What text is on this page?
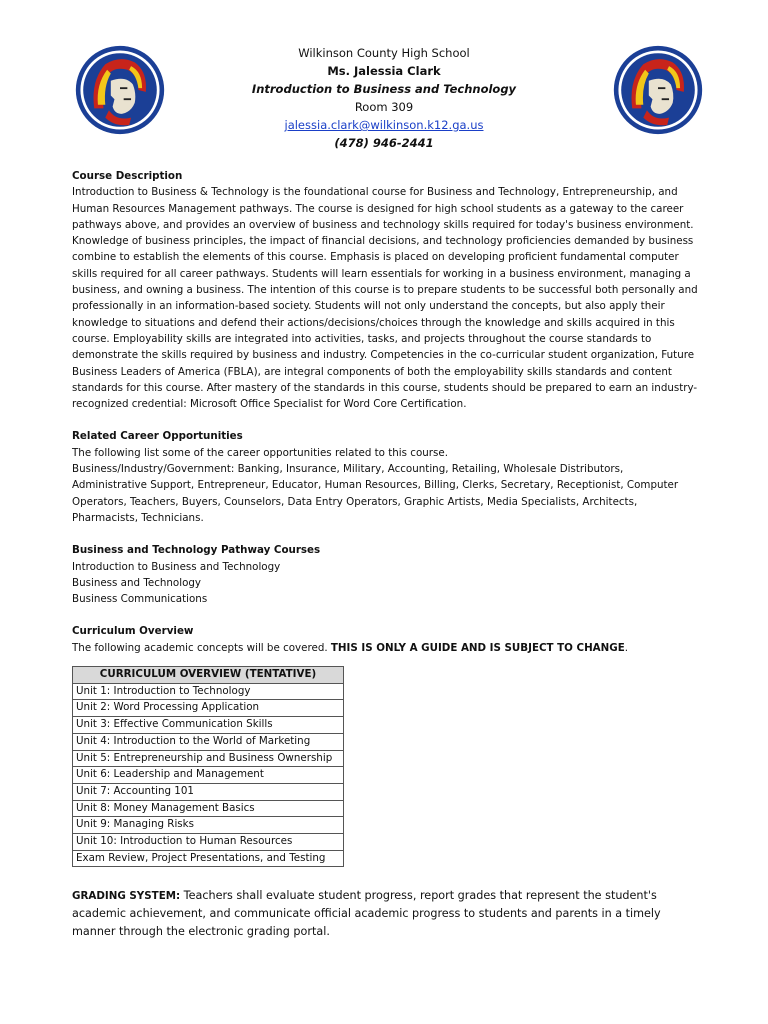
Wilkinson County High School
Ms. Jalessia Clark
Introduction to Business and Technology
Room 309
jalessia.clark@wilkinson.k12.ga.us
(478) 946-2441

Course Description

Introduction to Business & Technology is the foundational course for Business and Technology, Entrepreneurship, and Human Resources Management pathways. The course is designed for high school students as a gateway to the career pathways above, and provides an overview of business and technology skills required for today's business environment. Knowledge of business principles, the impact of financial decisions, and technology proficiencies demanded by business combine to establish the elements of this course. Emphasis is placed on developing proficient fundamental computer skills required for all career pathways. Students will learn essentials for working in a business environment, managing a business, and owning a business. The intention of this course is to prepare students to be successful both personally and professionally in an information-based society. Students will not only understand the concepts, but also apply their knowledge to situations and defend their actions/decisions/choices through the knowledge and skills acquired in this course. Employability skills are integrated into activities, tasks, and projects throughout the course standards to demonstrate the skills required by business and industry. Competencies in the co-curricular student organization, Future Business Leaders of America (FBLA), are integral components of both the employability skills standards and content standards for this course. After mastery of the standards in this course, students should be prepared to earn an industry-recognized credential: Microsoft Office Specialist for Word Core Certification.

Related Career Opportunities

The following list some of the career opportunities related to this course.

Business/Industry/Government: Banking, Insurance, Military, Accounting, Retailing, Wholesale Distributors, Administrative Support, Entrepreneur, Educator, Human Resources, Billing, Clerks, Secretary, Receptionist, Computer Operators, Teachers, Buyers, Counselors, Data Entry Operators, Graphic Artists, Media Specialists, Architects, Pharmacists, Technicians.

Business and Technology Pathway Courses

Introduction to Business and Technology

Business and Technology

Business Communications

Curriculum Overview

The following academic concepts will be covered. THIS IS ONLY A GUIDE AND IS SUBJECT TO CHANGE.

CURRICULUM OVERVIEW (TENTATIVE)
Unit 1: Introduction to Technology
Unit 2: Word Processing Application
Unit 3: Effective Communication Skills
Unit 4: Introduction to the World of Marketing
Unit 5: Entrepreneurship and Business Ownership
Unit 6: Leadership and Management
Unit 7: Accounting 101
Unit 8: Money Management Basics
Unit 9: Managing Risks
Unit 10: Introduction to Human Resources
Exam Review, Project Presentations, and Testing
GRADING SYSTEM: Teachers shall evaluate student progress, report grades that represent the student's academic achievement, and communicate official academic progress to students and parents in a timely manner through the electronic grading portal.
